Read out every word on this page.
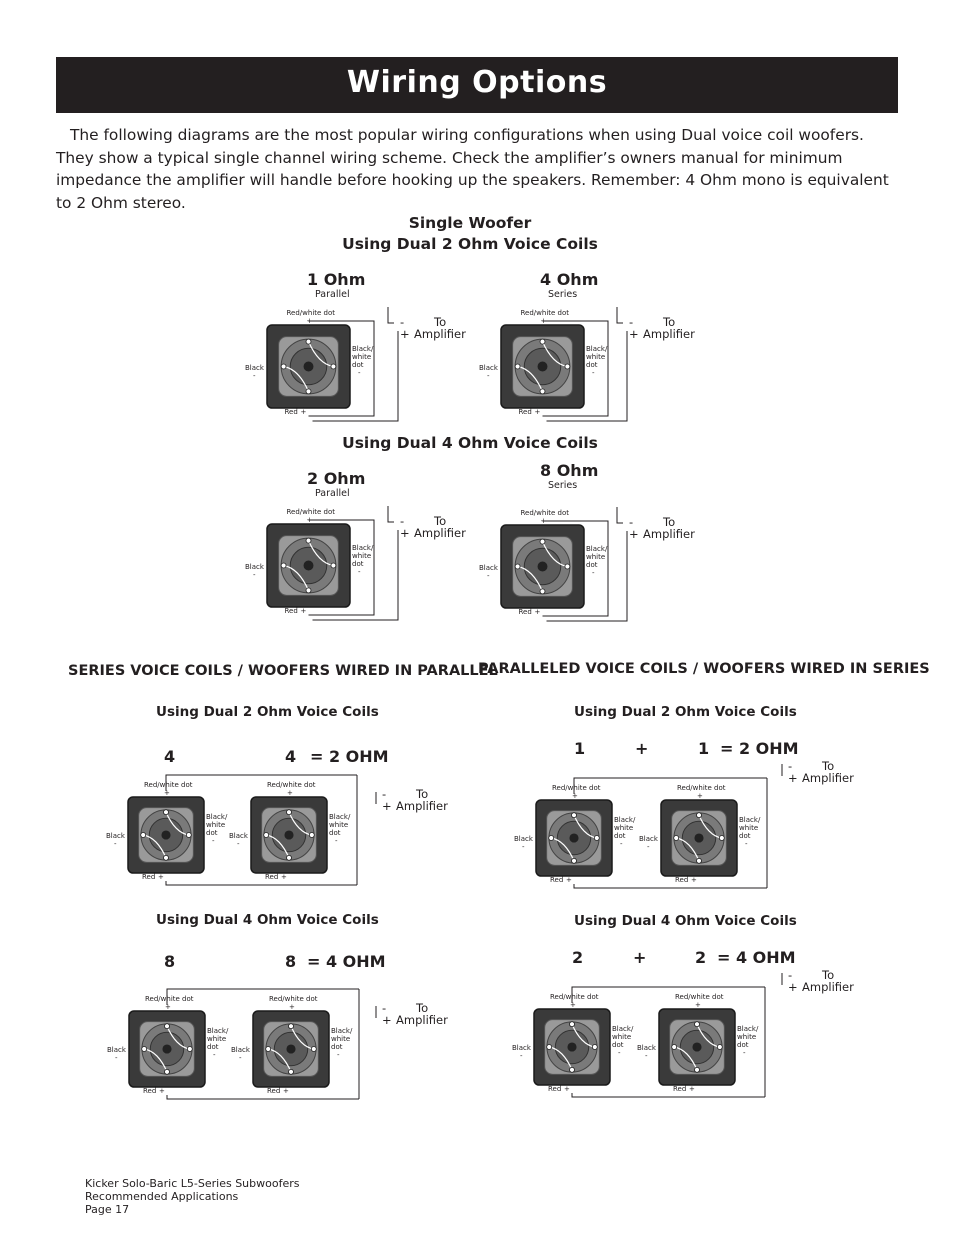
Wiring Options
The following diagrams are the most popular wiring configurations when using Dual voice coil woofers. They show a typical single channel wiring scheme. Check the amplifier’s owners manual for minimum impedance the amplifier will handle before hooking up the speakers. Remember: 4 Ohm mono is equivalent to 2 Ohm stereo.
Single Woofer
Using Dual 2 Ohm Voice Coils
Using Dual 4 Ohm Voice Coils
SERIES VOICE COILS / WOOFERS WIRED IN PARALLEL
PARALLELED VOICE COILS / WOOFERS WIRED IN SERIES
Using Dual 2 Ohm Voice Coils
Using Dual 4 Ohm Voice Coils
Using Dual 2 Ohm Voice Coils
Using Dual 4 Ohm Voice Coils
4	4 = 2 OHM
8	8 = 4 OHM
1	+	1 = 2 OHM
2	+	2 = 4 OHM
Kicker Solo-Baric L5-Series Subwoofers
Recommended Applications
Page 17
Red/white dot
+
Black
-
Black/
white
dot
-
Red +
1 Ohm
Parallel
-
+
To
Amplifier
Red/white dot
+
Black
-
Black/
white
dot
-
Red +
4 Ohm
Series
-
+
To
Amplifier
Red/white dot
+
Black
-
Black/
white
dot
-
Red +
2 Ohm
Parallel
-
+
To
Amplifier
Red/white dot
+
Black
-
Black/
white
dot
-
Red +
8 Ohm
Series
-
+
To
Amplifier
Red/white dot
+
Black
-
Black/
white
dot
-
Red +
Red/white dot
+
Black
-
Black/
white
dot
-
Red +
-
+
To
Amplifier
Red/white dot
+
Black
-
Black/
white
dot
-
Red +
Red/white dot
+
Black
-
Black/
white
dot
-
Red +
-
+
To
Amplifier
Red/white dot
+
Black
-
Black/
white
dot
-
Red +
Red/white dot
+
Black
-
Black/
white
dot
-
Red +
-
+
To
Amplifier
Red/white dot
+
Black
-
Black/
white
dot
-
Red +
Red/white dot
+
Black
-
Black/
white
dot
-
Red +
-
+
To
Amplifier
